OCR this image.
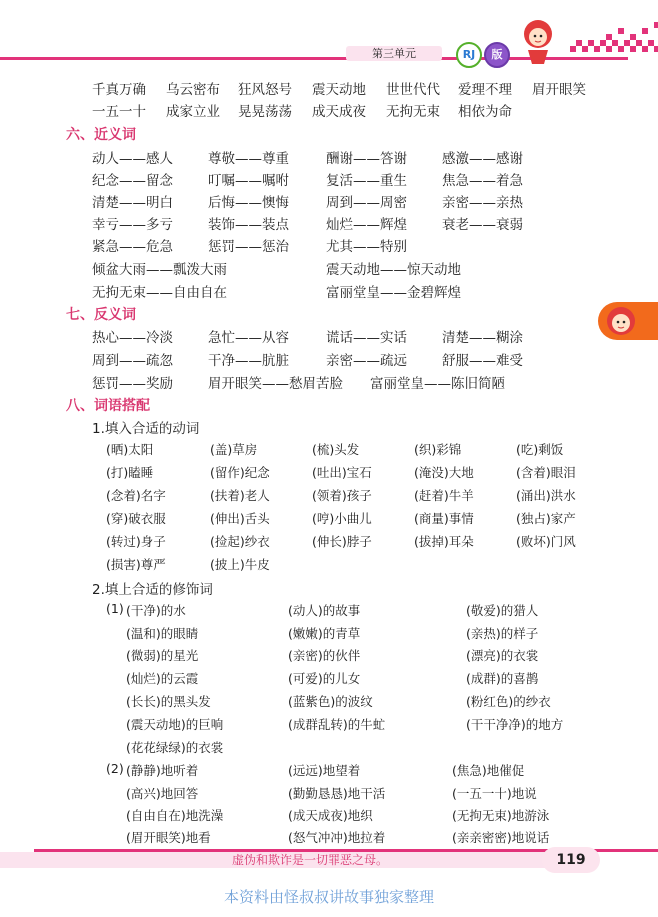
第三单元	RJ	版
千真万确 乌云密布 狂风怒号 震天动地 世世代代 爱理不理 眉开眼笑
一五一十 成家立业 晃晃荡荡 成天成夜 无拘无束 相依为命
六、近义词
动人——感人	尊敬——尊重	酬谢——答谢	感激——感谢
纪念——留念	叮嘱——嘱咐	复活——重生	焦急——着急
清楚——明白	后悔——懊悔	周到——周密	亲密——亲热
幸亏——多亏	装饰——装点	灿烂——辉煌	衰老——衰弱
紧急——危急	惩罚——惩治	尤其——特别
倾盆大雨——瓢泼大雨	震天动地——惊天动地
无拘无束——自由自在	富丽堂皇——金碧辉煌
七、反义词
热心——冷淡	急忙——从容	谎话——实话	清楚——糊涂
周到——疏忽	干净——肮脏	亲密——疏远	舒服——难受
惩罚——奖励	眉开眼笑——愁眉苦脸 富丽堂皇——陈旧简陋
八、词语搭配
1.填入合适的动词
(晒)太阳	(盖)草房	(梳)头发	(织)彩锦	(吃)剩饭
(打)瞌睡	(留作)纪念	(吐出)宝石	(淹没)大地	(含着)眼泪
(念着)名字	(扶着)老人	(领着)孩子	(赶着)牛羊	(涌出)洪水
(穿)破衣服	(伸出)舌头	(哼)小曲儿	(商量)事情	(独占)家产
(转过)身子	(捡起)纱衣	(伸长)脖子	(拔掉)耳朵	(败坏)门风
(损害)尊严	(披上)牛皮
2.填上合适的修饰词
(1) (干净)的水	(动人)的故事	(敬爱)的猎人
(温和)的眼睛	(嫩嫩)的青草	(亲热)的样子
(微弱)的星光	(亲密)的伙伴	(漂亮)的衣裳
(灿烂)的云霞	(可爱)的儿女	(成群)的喜鹊
(长长)的黑头发	(蓝紫色)的波纹	(粉红色)的纱衣
(震天动地)的巨响	(成群乱转)的牛虻	(干干净净)的地方
(花花绿绿)的衣裳
(2) (静静)地听着	(远远)地望着	(焦急)地催促
(高兴)地回答	(勤勤恳恳)地干活	(一五一十)地说
(自由自在)地洗澡	(成天成夜)地织	(无拘无束)地游泳
(眉开眼笑)地看	(怒气冲冲)地拉着	(亲亲密密)地说话
虚伪和欺诈是一切罪恶之母。	119
本资料由怪叔叔讲故事独家整理
